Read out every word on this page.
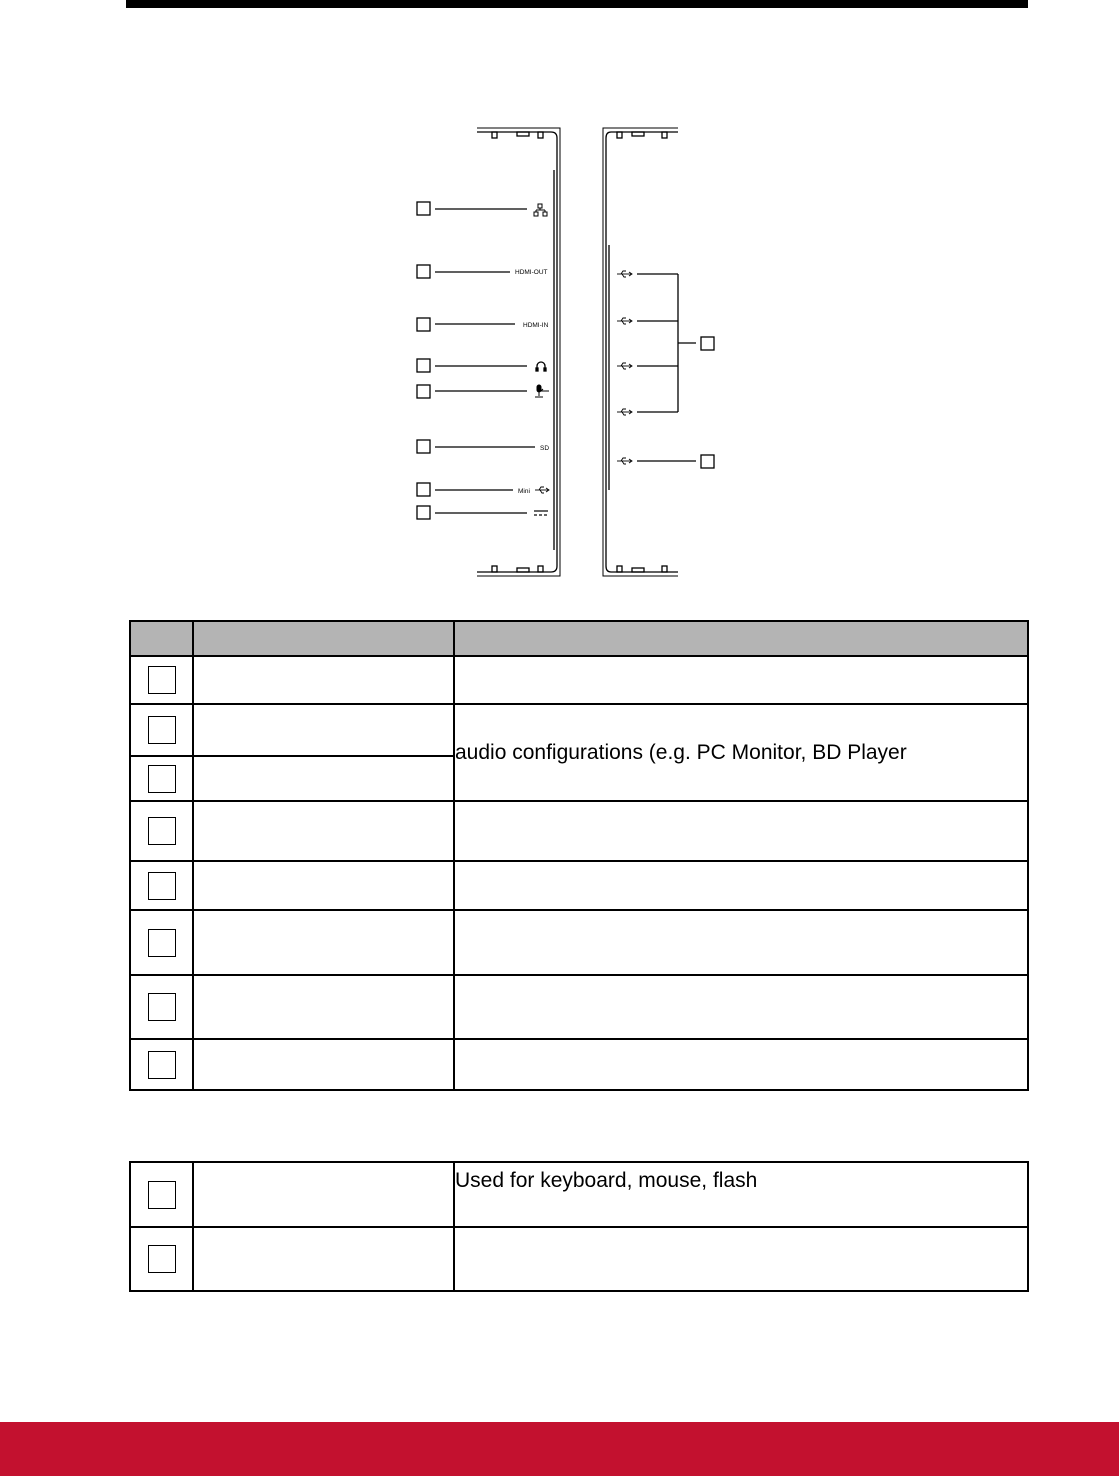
HDMI-OUT
HDMI-IN
SD
Mini

		audio configurations (e.g. PC Monitor, BD Player

		Used for keyboard, mouse, flash
